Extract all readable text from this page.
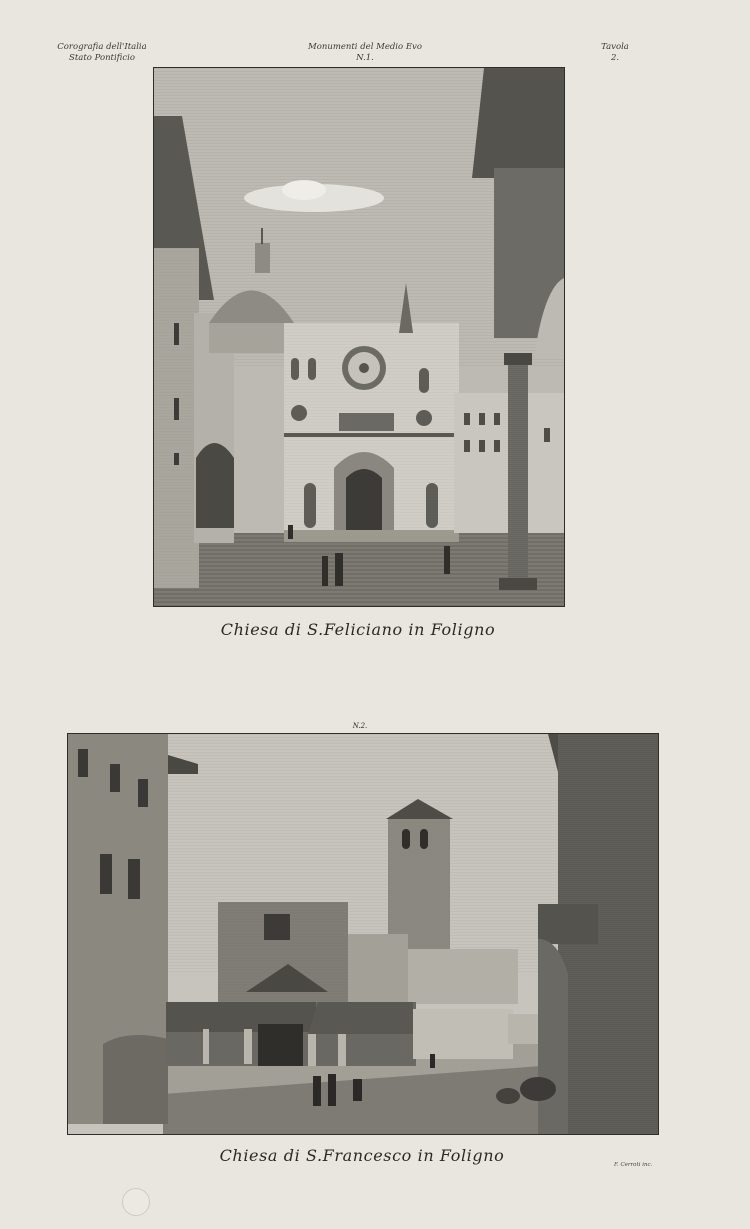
Corografia dell'Italia
Stato Pontificio
Monumenti del Medio Evo
N.1.
Tavola
2.
Chiesa di S.Feliciano in Foligno
N.2.
Chiesa di S.Francesco in Foligno	F. Cerroti inc.
